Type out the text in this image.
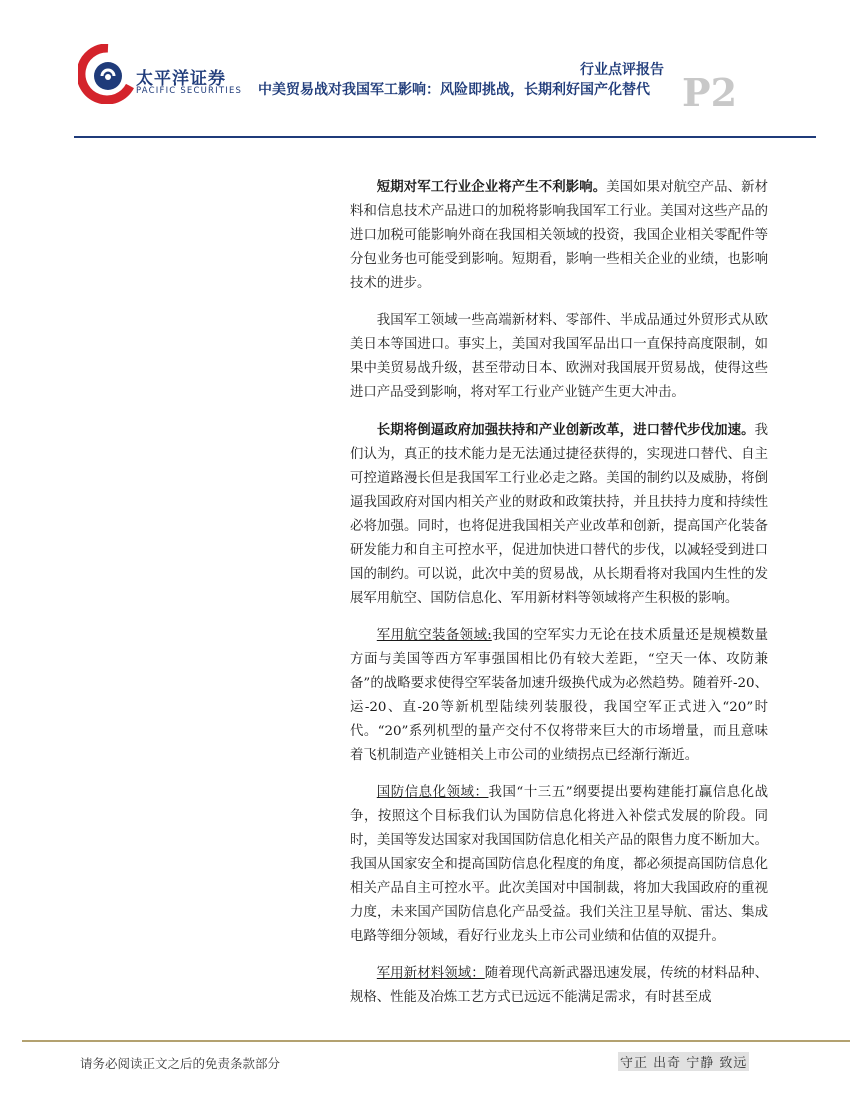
太平洋证券
PACIFIC SECURITIES
行业点评报告
中美贸易战对我国军工影响：风险即挑战，长期利好国产化替代 P2

短期对军工行业企业将产生不利影响。美国如果对航空产品、新材料和信息技术产品进口的加税将影响我国军工行业。美国对这些产品的进口加税可能影响外商在我国相关领域的投资，我国企业相关零配件等分包业务也可能受到影响。短期看，影响一些相关企业的业绩，也影响技术的进步。

我国军工领域一些高端新材料、零部件、半成品通过外贸形式从欧美日本等国进口。事实上，美国对我国军品出口一直保持高度限制，如果中美贸易战升级，甚至带动日本、欧洲对我国展开贸易战，使得这些进口产品受到影响，将对军工行业产业链产生更大冲击。

长期将倒逼政府加强扶持和产业创新改革，进口替代步伐加速。我们认为，真正的技术能力是无法通过捷径获得的，实现进口替代、自主可控道路漫长但是我国军工行业必走之路。美国的制约以及威胁，将倒逼我国政府对国内相关产业的财政和政策扶持，并且扶持力度和持续性必将加强。同时，也将促进我国相关产业改革和创新，提高国产化装备研发能力和自主可控水平，促进加快进口替代的步伐，以减轻受到进口国的制约。可以说，此次中美的贸易战，从长期看将对我国内生性的发展军用航空、国防信息化、军用新材料等领域将产生积极的影响。

军用航空装备领域:我国的空军实力无论在技术质量还是规模数量方面与美国等西方军事强国相比仍有较大差距，“空天一体、攻防兼备”的战略要求使得空军装备加速升级换代成为必然趋势。随着歼-20、运-20、直-20等新机型陆续列装服役，我国空军正式进入“20”时代。“20”系列机型的量产交付不仅将带来巨大的市场增量，而且意味着飞机制造产业链相关上市公司的业绩拐点已经渐行渐近。

国防信息化领域：我国“十三五”纲要提出要构建能打赢信息化战争，按照这个目标我们认为国防信息化将进入补偿式发展的阶段。同时，美国等发达国家对我国国防信息化相关产品的限售力度不断加大。我国从国家安全和提高国防信息化程度的角度，都必须提高国防信息化相关产品自主可控水平。此次美国对中国制裁，将加大我国政府的重视力度，未来国产国防信息化产品受益。我们关注卫星导航、雷达、集成电路等细分领域，看好行业龙头上市公司业绩和估值的双提升。

军用新材料领域：随着现代高新武器迅速发展，传统的材料品种、规格、性能及冶炼工艺方式已远远不能满足需求，有时甚至成

请务必阅读正文之后的免责条款部分	守正 出奇 宁静 致远
